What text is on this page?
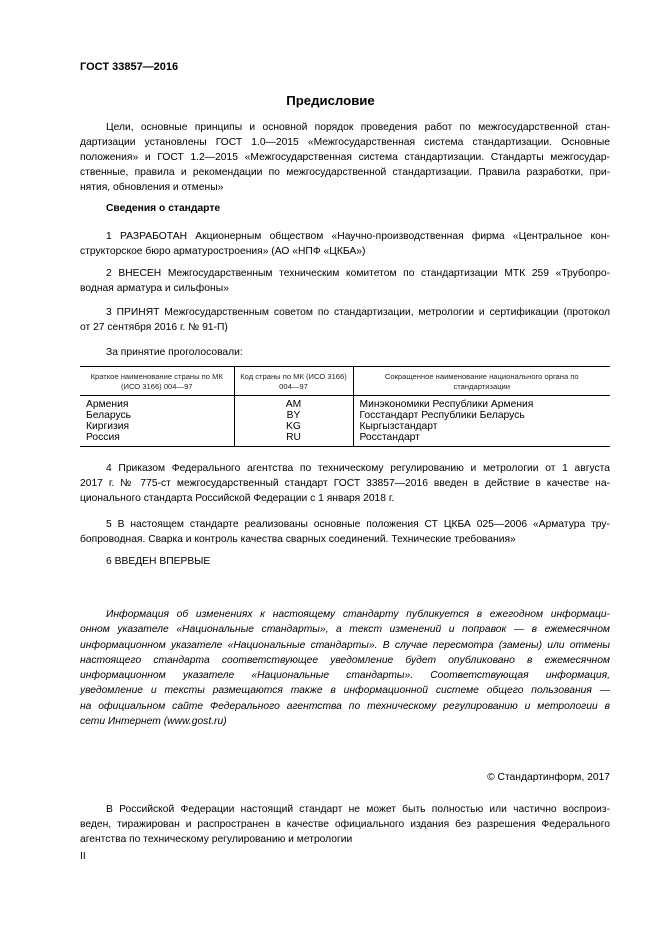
ГОСТ 33857—2016
Предисловие
Цели, основные принципы и основной порядок проведения работ по межгосударственной стан-
дартизации установлены ГОСТ 1.0—2015 «Межгосударственная система стандартизации. Основные
положения» и ГОСТ 1.2—2015 «Межгосударственная система стандартизации. Стандарты межгосудар-
ственные, правила и рекомендации по межгосударственной стандартизации. Правила разработки, при-
нятия, обновления и отмены»
Сведения о стандарте
1 РАЗРАБОТАН Акционерным обществом «Научно-производственная фирма «Центральное кон-
структорское бюро арматуростроения» (АО «НПФ «ЦКБА»)
2 ВНЕСЕН Межгосударственным техническим комитетом по стандартизации МТК 259 «Трубопро-
водная арматура и сильфоны»
3 ПРИНЯТ Межгосударственным советом по стандартизации, метрологии и сертификации (протокол
от 27 сентября 2016 г. № 91-П)
За принятие проголосовали:
Краткое наименование страны по МК (ИСО 3166) 004—97	Код страны по МК (ИСО 3166) 004—97	Сокращенное наименование национального органа по стандартизации
Армения	AM	Минэкономики Республики Армения
Беларусь	BY	Госстандарт Республики Беларусь
Киргизия	KG	Кыргызстандарт
Россия	RU	Росстандарт
4 Приказом Федерального агентства по техническому регулированию и метрологии от 1 августа
2017 г. № 775-ст межгосударственный стандарт ГОСТ 33857—2016 введен в действие в качестве на-
ционального стандарта Российской Федерации с 1 января 2018 г.
5 В настоящем стандарте реализованы основные положения СТ ЦКБА 025—2006 «Арматура тру-
бопроводная. Сварка и контроль качества сварных соединений. Технические требования»
6 ВВЕДЕН ВПЕРВЫЕ
Информация об изменениях к настоящему стандарту публикуется в ежегодном информаци-
онном указателе «Национальные стандарты», а текст изменений и поправок — в ежемесячном
информационном указателе «Национальные стандарты». В случае пересмотра (замены) или отмены
настоящего стандарта соответствующее уведомление будет опубликовано в ежемесячном
информационном указателе «Национальные стандарты». Соответствующая информация,
уведомление и тексты размещаются также в информационной системе общего пользования —
на официальном сайте Федерального агентства по техническому регулированию и метрологии в
сети Интернет (www.gost.ru)
© Стандартинформ, 2017
В Российской Федерации настоящий стандарт не может быть полностью или частично воспроиз-
веден, тиражирован и распространен в качестве официального издания без разрешения Федерального
агентства по техническому регулированию и метрологии
II
